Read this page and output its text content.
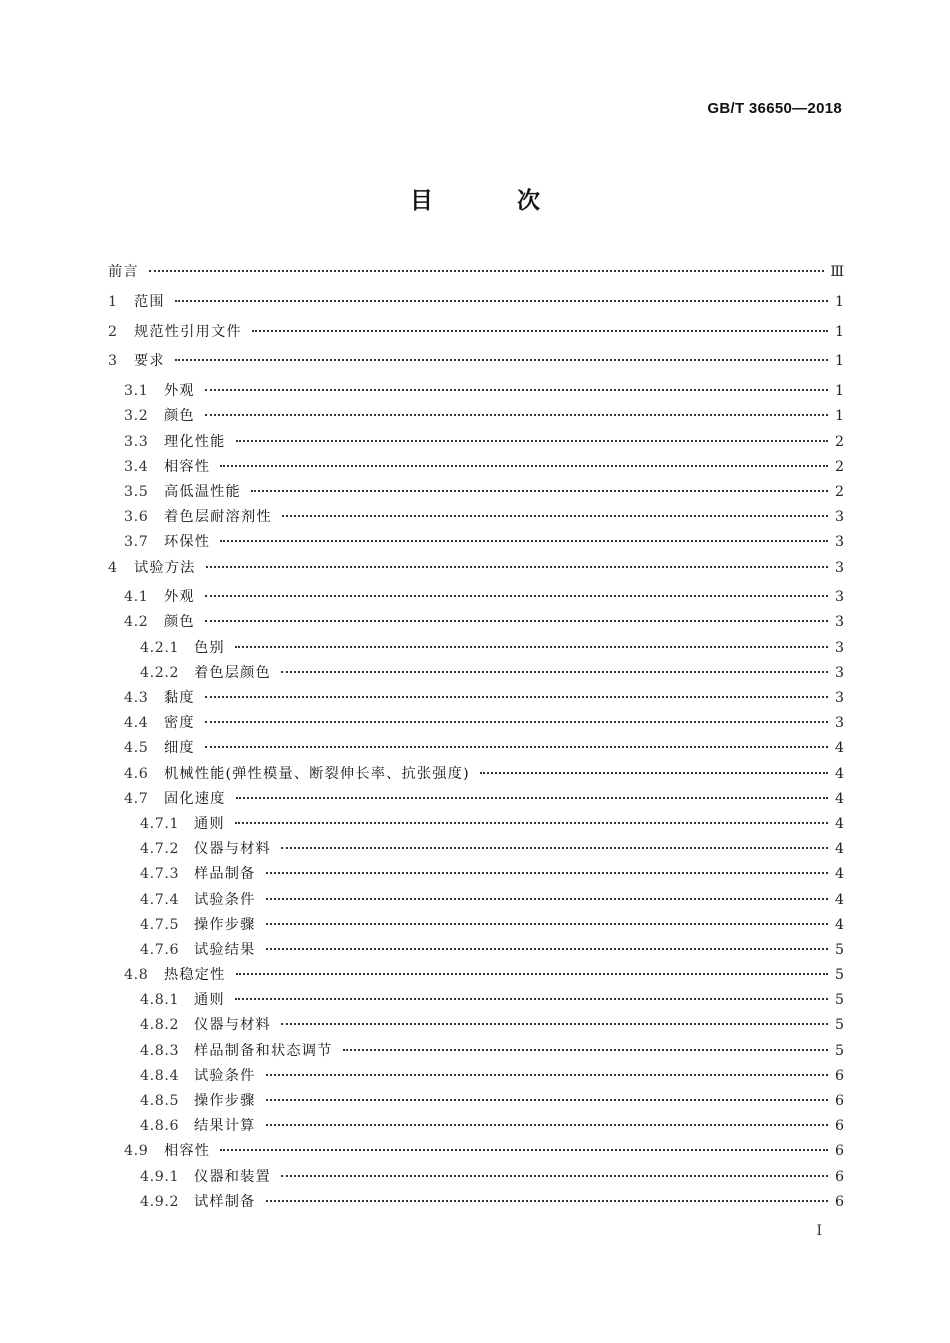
GB/T 36650—2018
目 次
前言	Ⅲ
1	范围	1
2	规范性引用文件	1
3	要求	1
3.1	外观	1
3.2	颜色	1
3.3	理化性能	2
3.4	相容性	2
3.5	高低温性能	2
3.6	着色层耐溶剂性	3
3.7	环保性	3
4	试验方法	3
4.1	外观	3
4.2	颜色	3
4.2.1	色别	3
4.2.2	着色层颜色	3
4.3	黏度	3
4.4	密度	3
4.5	细度	4
4.6	机械性能(弹性模量、断裂伸长率、抗张强度)	4
4.7	固化速度	4
4.7.1	通则	4
4.7.2	仪器与材料	4
4.7.3	样品制备	4
4.7.4	试验条件	4
4.7.5	操作步骤	4
4.7.6	试验结果	5
4.8	热稳定性	5
4.8.1	通则	5
4.8.2	仪器与材料	5
4.8.3	样品制备和状态调节	5
4.8.4	试验条件	6
4.8.5	操作步骤	6
4.8.6	结果计算	6
4.9	相容性	6
4.9.1	仪器和装置	6
4.9.2	试样制备	6
I
